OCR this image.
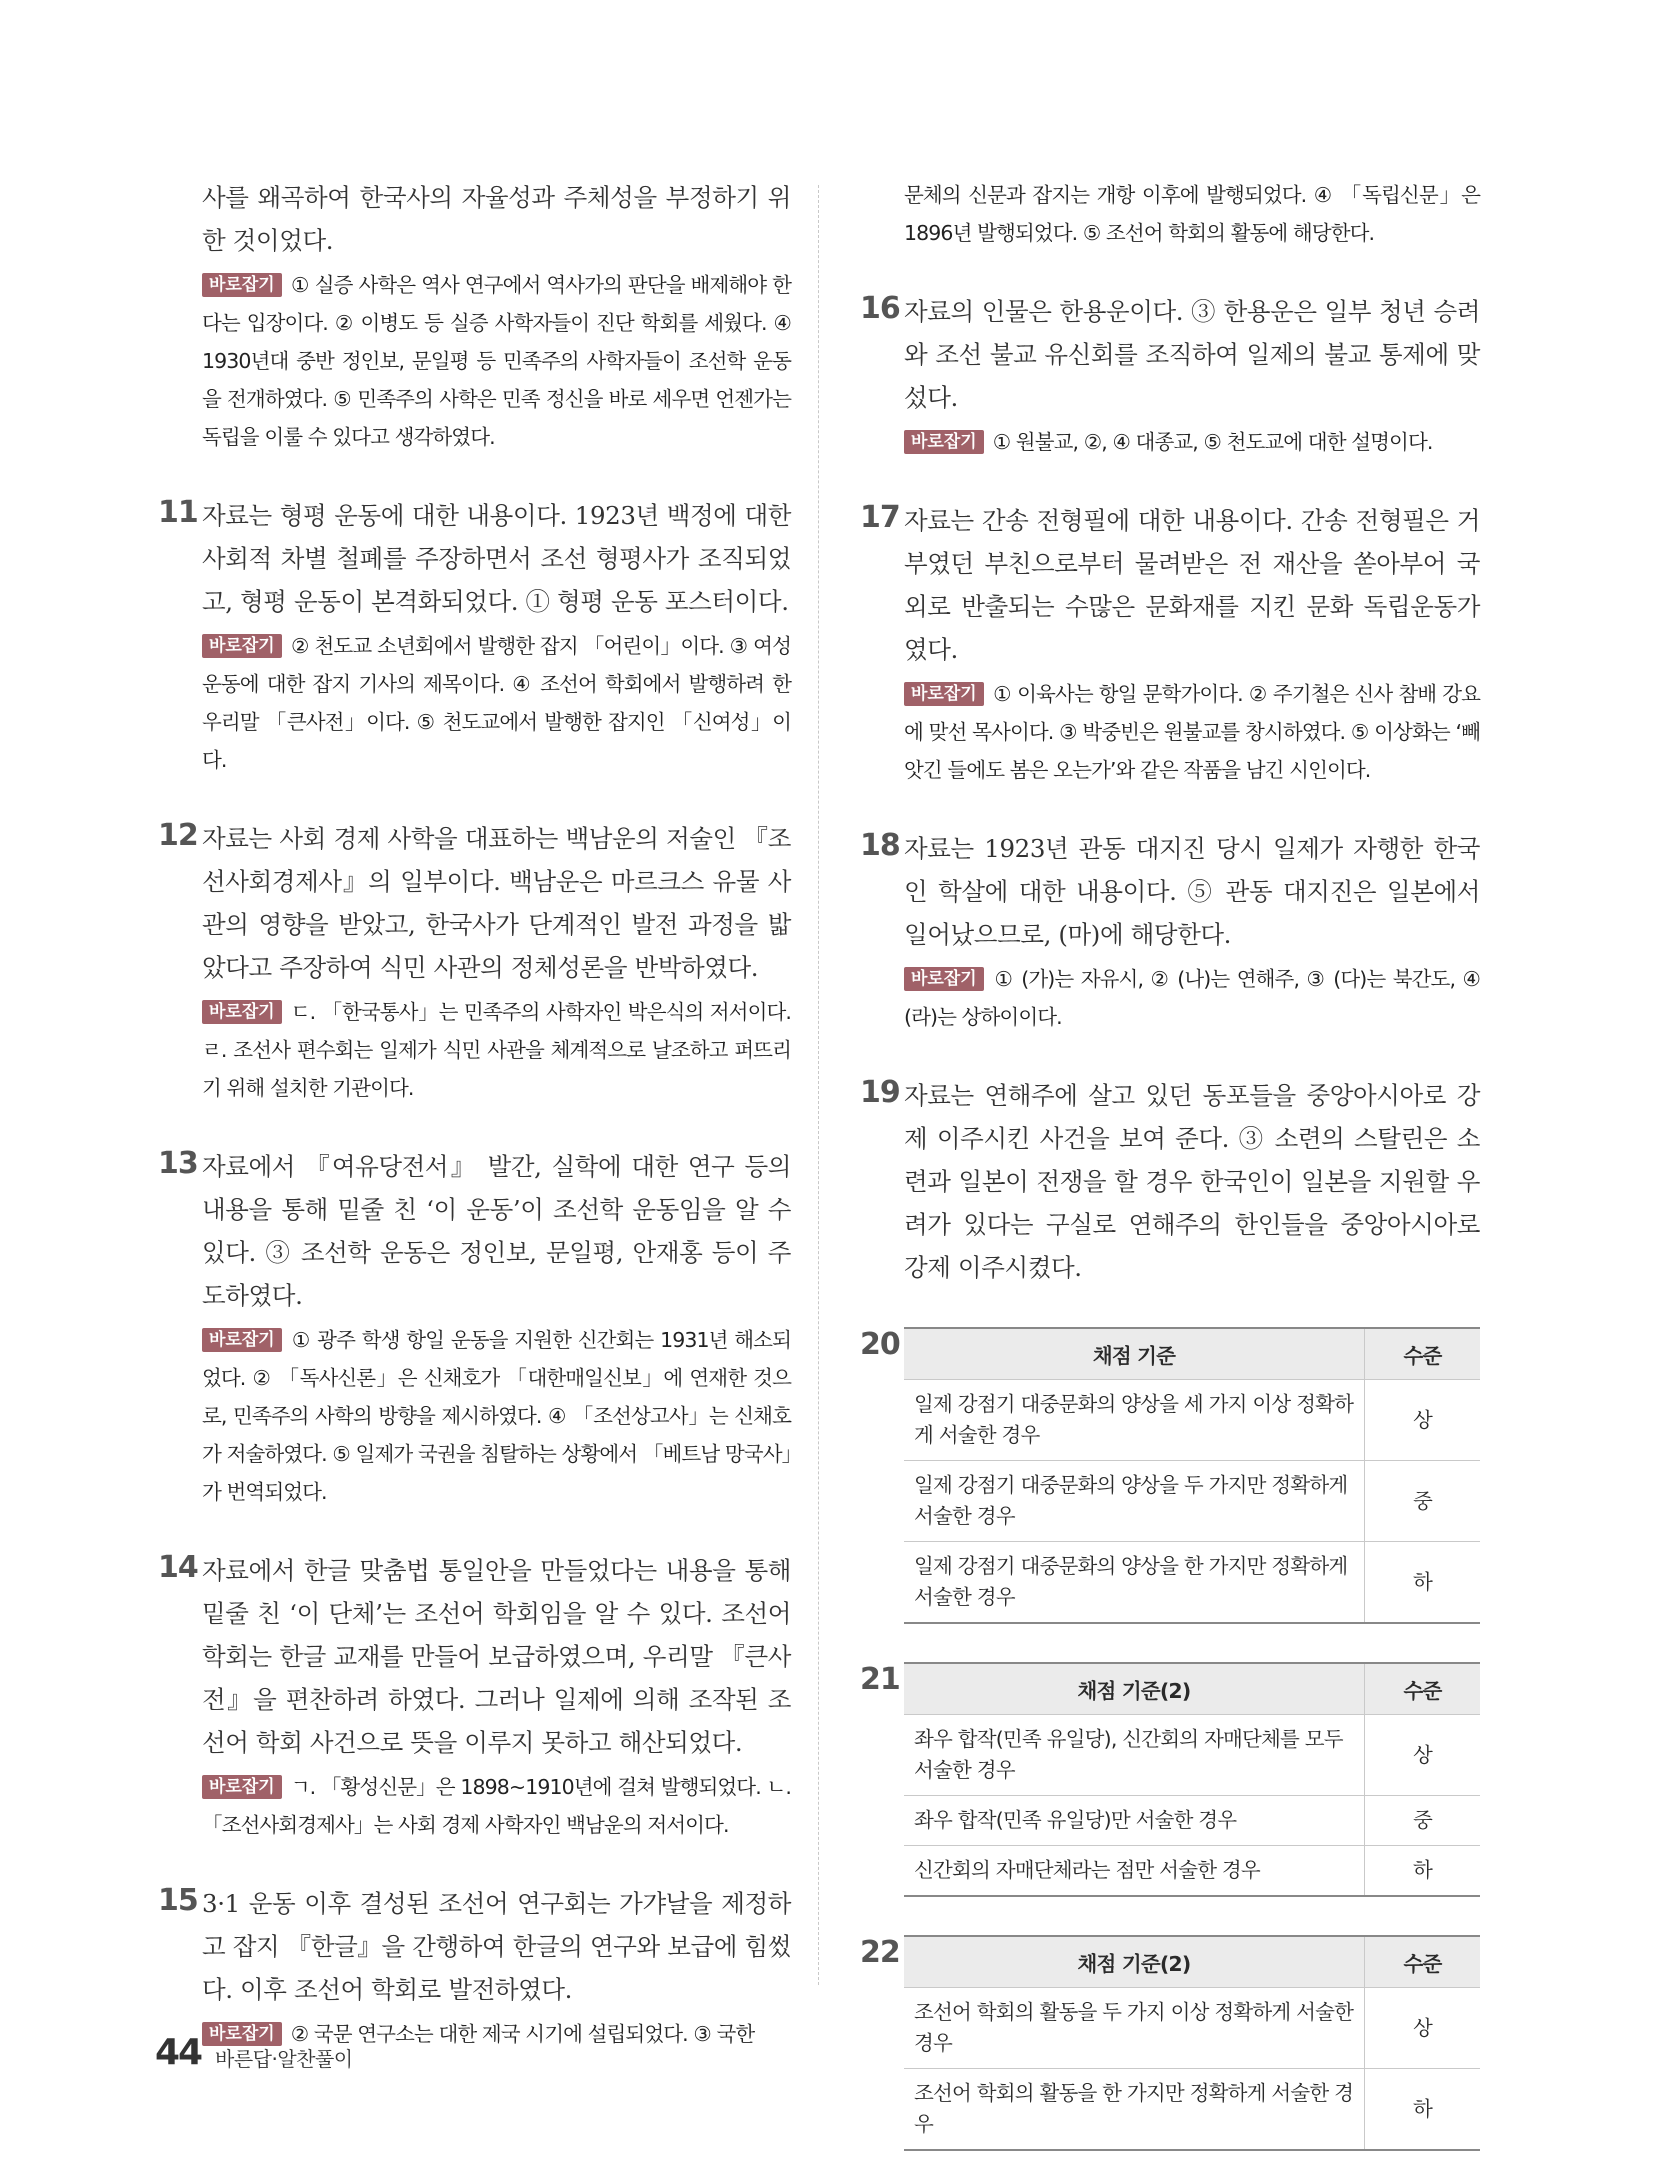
사를 왜곡하여 한국사의 자율성과 주체성을 부정하기 위한 것이었다.
바로잡기 ① 실증 사학은 역사 연구에서 역사가의 판단을 배제해야 한다는 입장이다. ② 이병도 등 실증 사학자들이 진단 학회를 세웠다. ④ 1930년대 중반 정인보, 문일평 등 민족주의 사학자들이 조선학 운동을 전개하였다. ⑤ 민족주의 사학은 민족 정신을 바로 세우면 언젠가는 독립을 이룰 수 있다고 생각하였다.
11 자료는 형평 운동에 대한 내용이다. 1923년 백정에 대한 사회적 차별 철폐를 주장하면서 조선 형평사가 조직되었고, 형평 운동이 본격화되었다. ① 형평 운동 포스터이다.
바로잡기 ② 천도교 소년회에서 발행한 잡지 「어린이」이다. ③ 여성 운동에 대한 잡지 기사의 제목이다. ④ 조선어 학회에서 발행하려 한 우리말 「큰사전」이다. ⑤ 천도교에서 발행한 잡지인 「신여성」이다.
12 자료는 사회 경제 사학을 대표하는 백남운의 저술인 『조선사회경제사』의 일부이다. 백남운은 마르크스 유물 사관의 영향을 받았고, 한국사가 단계적인 발전 과정을 밟았다고 주장하여 식민 사관의 정체성론을 반박하였다.
바로잡기 ㄷ. 「한국통사」는 민족주의 사학자인 박은식의 저서이다. ㄹ. 조선사 편수회는 일제가 식민 사관을 체계적으로 날조하고 퍼뜨리기 위해 설치한 기관이다.
13 자료에서 『여유당전서』 발간, 실학에 대한 연구 등의 내용을 통해 밑줄 친 ‘이 운동’이 조선학 운동임을 알 수 있다. ③ 조선학 운동은 정인보, 문일평, 안재홍 등이 주도하였다.
바로잡기 ① 광주 학생 항일 운동을 지원한 신간회는 1931년 해소되었다. ② 「독사신론」은 신채호가 「대한매일신보」에 연재한 것으로, 민족주의 사학의 방향을 제시하였다. ④ 「조선상고사」는 신채호가 저술하였다. ⑤ 일제가 국권을 침탈하는 상황에서 「베트남 망국사」가 번역되었다.
14 자료에서 한글 맞춤법 통일안을 만들었다는 내용을 통해 밑줄 친 ‘이 단체’는 조선어 학회임을 알 수 있다. 조선어 학회는 한글 교재를 만들어 보급하였으며, 우리말 『큰사전』을 편찬하려 하였다. 그러나 일제에 의해 조작된 조선어 학회 사건으로 뜻을 이루지 못하고 해산되었다.
바로잡기 ㄱ. 「황성신문」은 1898~1910년에 걸쳐 발행되었다. ㄴ. 「조선사회경제사」는 사회 경제 사학자인 백남운의 저서이다.
15 3·1 운동 이후 결성된 조선어 연구회는 가갸날을 제정하고 잡지 『한글』을 간행하여 한글의 연구와 보급에 힘썼다. 이후 조선어 학회로 발전하였다.
바로잡기 ② 국문 연구소는 대한 제국 시기에 설립되었다. ③ 국한
문체의 신문과 잡지는 개항 이후에 발행되었다. ④ 「독립신문」은 1896년 발행되었다. ⑤ 조선어 학회의 활동에 해당한다.
16 자료의 인물은 한용운이다. ③ 한용운은 일부 청년 승려와 조선 불교 유신회를 조직하여 일제의 불교 통제에 맞섰다.
바로잡기 ① 원불교, ②, ④ 대종교, ⑤ 천도교에 대한 설명이다.
17 자료는 간송 전형필에 대한 내용이다. 간송 전형필은 거부였던 부친으로부터 물려받은 전 재산을 쏟아부어 국외로 반출되는 수많은 문화재를 지킨 문화 독립운동가였다.
바로잡기 ① 이육사는 항일 문학가이다. ② 주기철은 신사 참배 강요에 맞선 목사이다. ③ 박중빈은 원불교를 창시하였다. ⑤ 이상화는 ‘빼앗긴 들에도 봄은 오는가’와 같은 작품을 남긴 시인이다.
18 자료는 1923년 관동 대지진 당시 일제가 자행한 한국인 학살에 대한 내용이다. ⑤ 관동 대지진은 일본에서 일어났으므로, (마)에 해당한다.
바로잡기 ① (가)는 자유시, ② (나)는 연해주, ③ (다)는 북간도, ④ (라)는 상하이이다.
19 자료는 연해주에 살고 있던 동포들을 중앙아시아로 강제 이주시킨 사건을 보여 준다. ③ 소련의 스탈린은 소련과 일본이 전쟁을 할 경우 한국인이 일본을 지원할 우려가 있다는 구실로 연해주의 한인들을 중앙아시아로 강제 이주시켰다.
20	채점 기준	수준
일제 강점기 대중문화의 양상을 세 가지 이상 정확하게 서술한 경우	상
일제 강점기 대중문화의 양상을 두 가지만 정확하게 서술한 경우	중
일제 강점기 대중문화의 양상을 한 가지만 정확하게 서술한 경우	하
21	채점 기준(2)	수준
좌우 합작(민족 유일당), 신간회의 자매단체를 모두 서술한 경우	상
좌우 합작(민족 유일당)만 서술한 경우	중
신간회의 자매단체라는 점만 서술한 경우	하
22	채점 기준(2)	수준
조선어 학회의 활동을 두 가지 이상 정확하게 서술한 경우	상
조선어 학회의 활동을 한 가지만 정확하게 서술한 경우	하
44 바른답·알찬풀이
